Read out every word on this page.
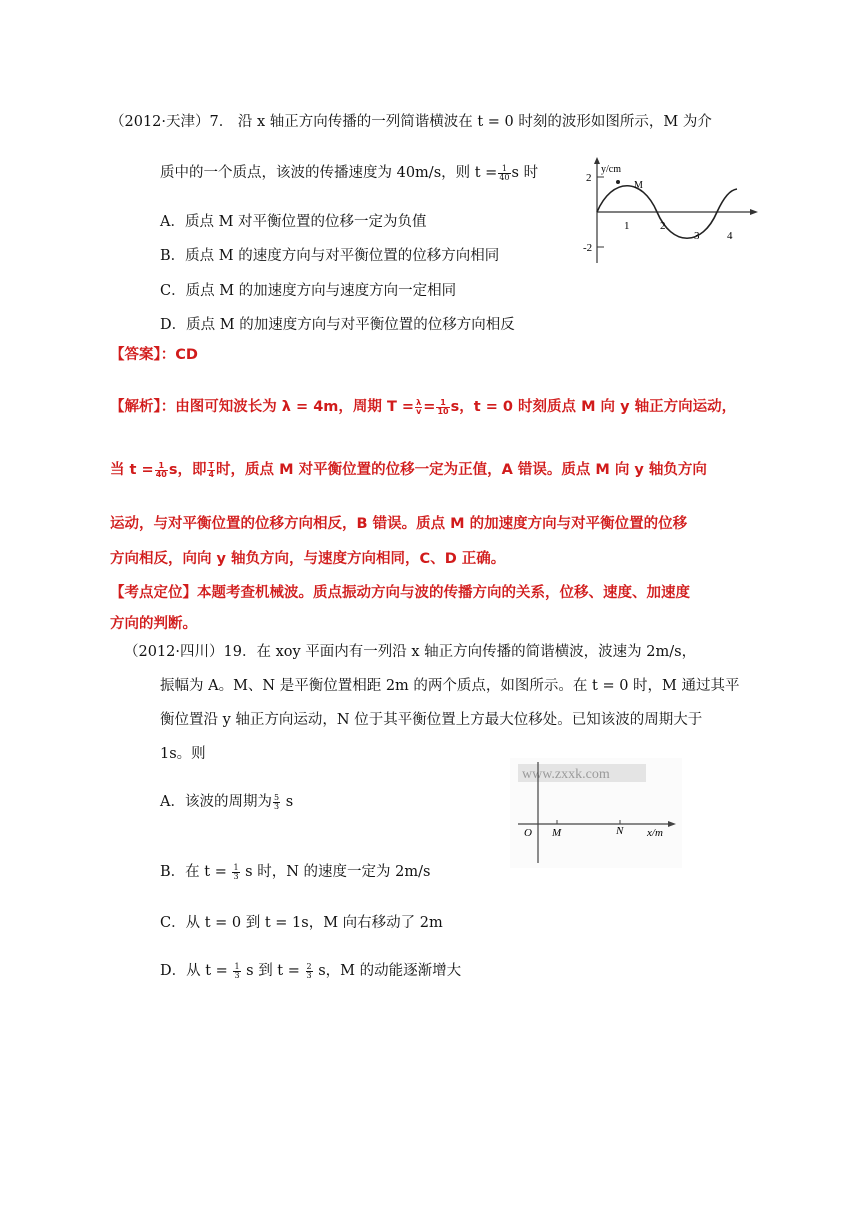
（2012·天津）7． 沿 x 轴正方向传播的一列简谐横波在 t = 0 时刻的波形如图所示，M 为介
质中的一个质点，该波的传播速度为 40m/s，则 $t = \frac{1}{40}$ s 时
A．质点 M 对平衡位置的位移一定为负值
B．质点 M 的速度方向与对平衡位置的位移方向相同
C．质点 M 的加速度方向与速度方向一定相同
D．质点 M 的加速度方向与对平衡位置的位移方向相反
y/cm
2
-2
M
1	2
3	4
【答案】：CD
【解析】：由图可知波长为 λ = 4m，周期 $T = \frac{\lambda}{v} = \frac{1}{10}$ s，t = 0 时刻质点 M 向 y 轴正方向运动，
当 $t = \frac{1}{40}$ s，即 $\frac{T}{4}$ 时，质点 M 对平衡位置的位移一定为正值，A 错误。质点 M 向 y 轴负方向
运动，与对平衡位置的位移方向相反，B 错误。质点 M 的加速度方向与对平衡位置的位移
方向相反，向向 y 轴负方向，与速度方向相同，C、D 正确。
【考点定位】本题考查机械波。质点振动方向与波的传播方向的关系，位移、速度、加速度
方向的判断。
（2012·四川）19．在 xoy 平面内有一列沿 x 轴正方向传播的简谐横波，波速为 2m/s，
振幅为 A。M、N 是平衡位置相距 2m 的两个质点，如图所示。在 t = 0 时，M 通过其平
衡位置沿 y 轴正方向运动，N 位于其平衡位置上方最大位移处。已知该波的周期大于
1s。则
A．该波的周期为 $\frac{5}{3}$ s
B．在 $t = \frac{1}{3}$ s 时，N 的速度一定为 2m/s
C．从 t = 0 到 t = 1s，M 向右移动了 2m
D．从 $t = \frac{1}{3}$ s 到 $t = \frac{2}{3}$ s，M 的动能逐渐增大
www.zxxk.com
O M	N x/m
